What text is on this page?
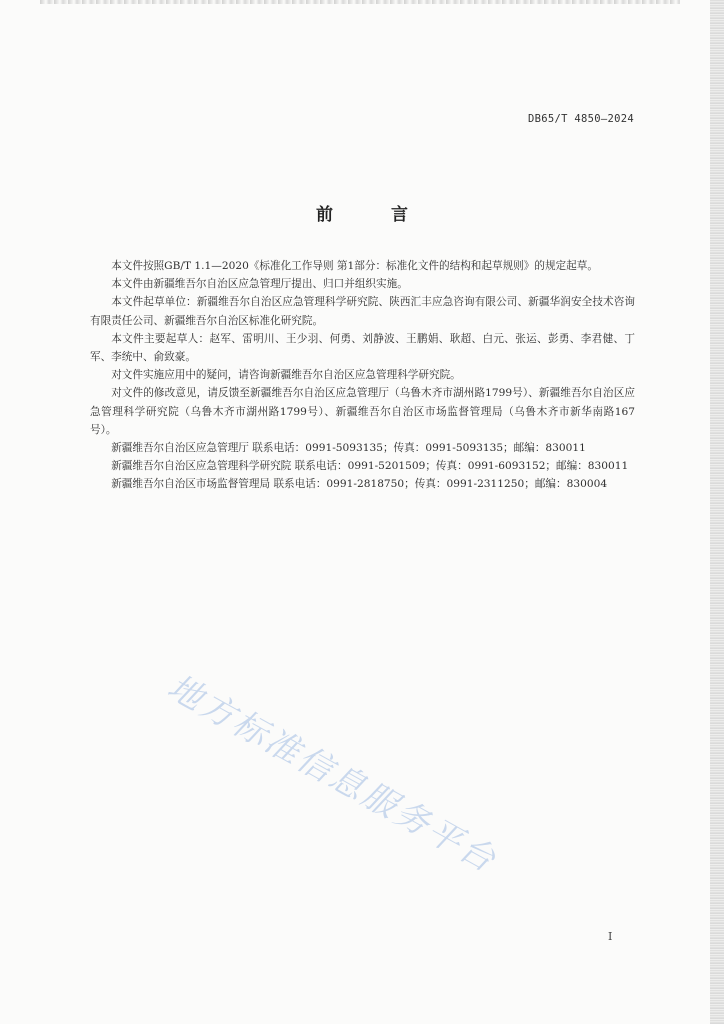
DB65/T 4850—2024
前 言

本文件按照GB/T 1.1—2020《标准化工作导则 第1部分：标准化文件的结构和起草规则》的规定起草。

本文件由新疆维吾尔自治区应急管理厅提出、归口并组织实施。

本文件起草单位：新疆维吾尔自治区应急管理科学研究院、陕西汇丰应急咨询有限公司、新疆华润安全技术咨询有限责任公司、新疆维吾尔自治区标准化研究院。

本文件主要起草人：赵军、雷明川、王少羽、何勇、刘静波、王鹏娟、耿超、白元、张运、彭勇、李君健、丁军、李统中、俞致豪。

对文件实施应用中的疑问，请咨询新疆维吾尔自治区应急管理科学研究院。

对文件的修改意见，请反馈至新疆维吾尔自治区应急管理厅（乌鲁木齐市湖州路1799号）、新疆维吾尔自治区应急管理科学研究院（乌鲁木齐市湖州路1799号）、新疆维吾尔自治区市场监督管理局（乌鲁木齐市新华南路167号）。

新疆维吾尔自治区应急管理厅 联系电话：0991-5093135；传真：0991-5093135；邮编：830011

新疆维吾尔自治区应急管理科学研究院 联系电话：0991-5201509；传真：0991-6093152；邮编：830011

新疆维吾尔自治区市场监督管理局 联系电话：0991-2818750；传真：0991-2311250；邮编：830004

地方标准信息服务平台
I
